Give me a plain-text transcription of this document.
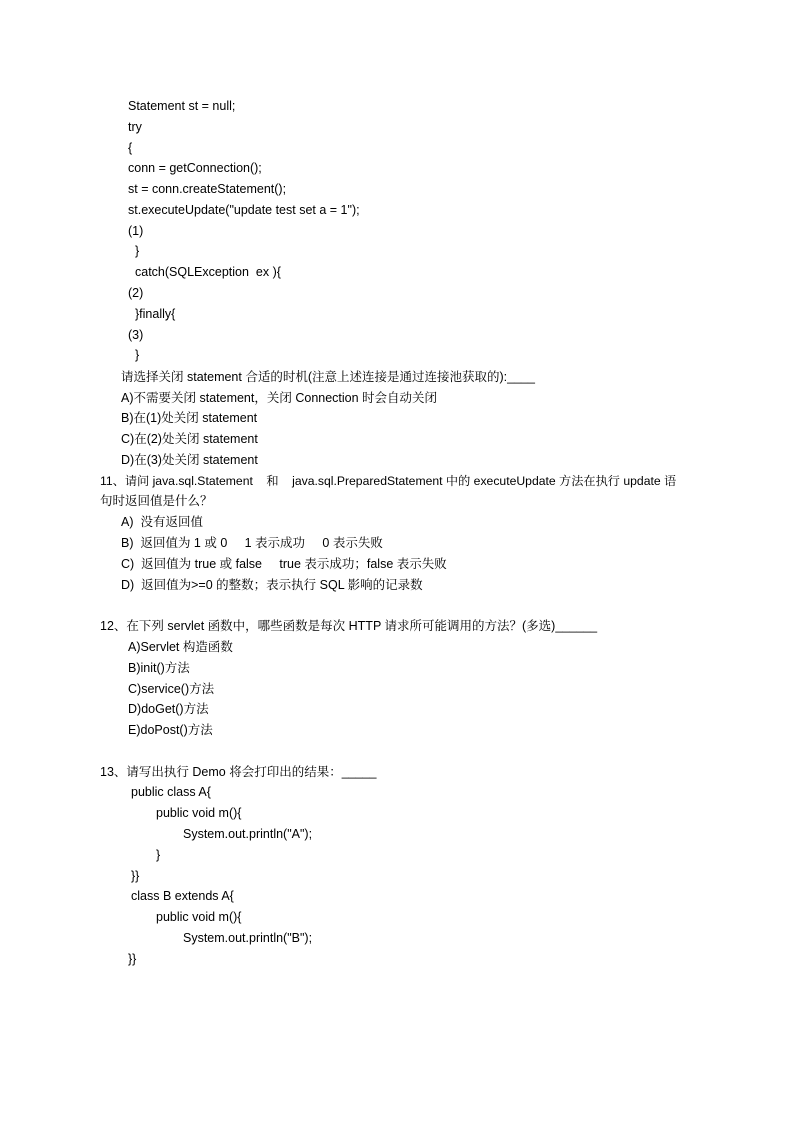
Statement st = null;
try
{
conn = getConnection();
st = conn.createStatement();
st.executeUpdate("update test set a = 1");
(1)
}
catch(SQLException  ex ){
(2)
}finally{
(3)
}
请选择关闭 statement 合适的时机(注意上述连接是通过连接池获取的):____
A)不需要关闭 statement，关闭 Connection 时会自动关闭
B)在(1)处关闭 statement
C)在(2)处关闭 statement
D)在(3)处关闭 statement
11、请问 java.sql.Statement    和    java.sql.PreparedStatement 中的 executeUpdate 方法在执行 update 语
句时返回值是什么？
A)  没有返回值
B)  返回值为 1 或 0     1 表示成功     0 表示失败
C)  返回值为 true 或 false     true 表示成功；false 表示失败
D)  返回值为>=0 的整数；表示执行 SQL 影响的记录数
12、在下列 servlet 函数中，哪些函数是每次 HTTP 请求所可能调用的方法？(多选)______
A)Servlet 构造函数
B)init()方法
C)service()方法
D)doGet()方法
E)doPost()方法
13、请写出执行 Demo 将会打印出的结果：_____
public class A{
public void m(){
System.out.println("A");
}
}}
class B extends A{
public void m(){
System.out.println("B");
}}
